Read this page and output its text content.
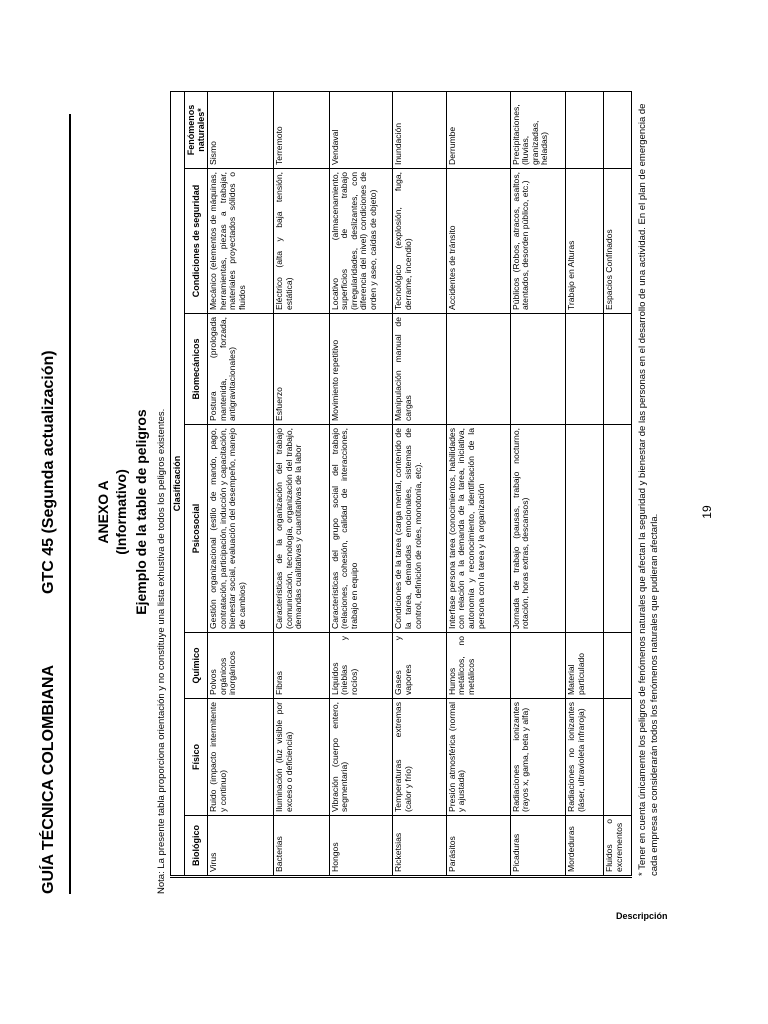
GUÍA TÉCNICA COLOMBIANA
GTC 45 (Segunda actualización)	ANEXO A (Informativo) Ejemplo de la table de peligros Nota: La presente tabla proporciona orientación y no constituye una lista exhustiva de todos los peligros existentes.
Descripción
Clasificación						
Biológico	Físico	Químico	Psicosocial	Biomecánicos	Condiciones de seguridad	Fenómenos naturales*
Virus	Ruido (impacto intermitente y continuo)	Polvos orgánicos inorgánicos	Gestión organizacional (estilo de mando, pago, contratación, participación, inducción y capacitación, bienestar social, evaluación del desempeño, manejo de cambios)	Postura (prologada mantenida, forzada, antigravitacionales)	Mecánico (elementos de máquinas, herramientas, piezas a trabajar, materiales proyectados sólidos o fluidos	Sismo
Bacterias	Iluminación (luz visible por exceso o deficiencia)	Fibras	Características de la organización del trabajo (comunicación, tecnología, organización del trabajo, demandas cualitativas y cuantitativas de la labor	Esfuerzo	Eléctrico (alta y baja tensión, estática)	Terremoto
Hongos	Vibración (cuerpo entero, segmentaria)	Líquidos (nieblas y rocíos)	Características del grupo social del trabajo (relaciones, cohesión, calidad de interacciones, trabajo en equipo	Movimiento repetitivo	Locativo (almacenamiento, superficios de trabajo (irregularidades, deslizantes, con diferencia del nivel) condiciones de orden y aseo, caídas de objeto)	Vendaval
Ricketsias	Temperaturas extremas (calor y frío)	Gases y vapores	Condiciones de la tarea (carga mental, contenido de la tarea, demandas emocionales, sistemas de control, definición de roles, monotonía, etc).	Manipulación manual de cargas	Tecnológico (explosión, fuga, derrame, incendio)	Inundación
Parásitos	Presión atmosférica (normal y ajustada)	Humos metálicos, no metálicos	Interfase persona tarea (conocimientos, habilidades con relación a la demanda de la tarea, iniciativa, autonomía y reconocimiento, identificación de la persona con la tarea y la organización		Accidentes de tránsito	Derrumbe
Picaduras	Radiaciones ionizantes (rayos x, gama, beta y alfa)		Jornada de trabajo (pausas, trabajo nocturno, rotación, horas extras, descansos)		Públicos (Robos, atracos, asaltos, atentados, desorden público, etc.)	Precipitaciones, (lluvias, granizadas, heladas)
Mordeduras	Radiaciones no ionizantes (láser, ultravioleta infraroja)	Material particulado			Trabajo en Alturas	
Fluidos o excrementos					Espacios Confinados	* Tener en cuenta únicamente los peligros de fenómenos naturales que afectan la seguridad y bienestar de las personas en el desarrollo de una actividad. En el plan de emergencia de cada empresa se considerarán todos los fenómenos naturales que pudieran afectarla.
19
